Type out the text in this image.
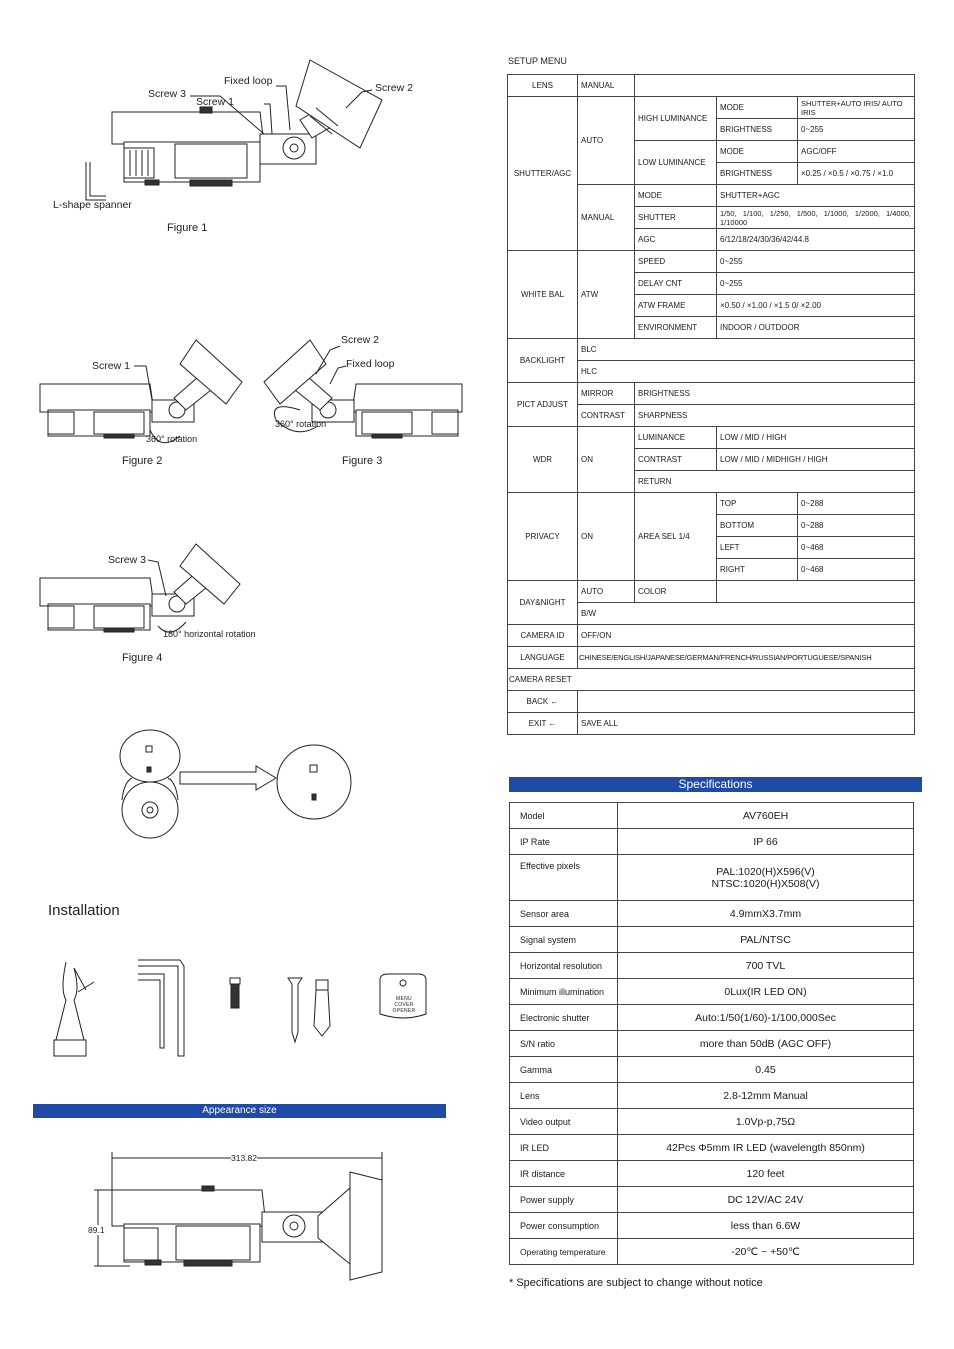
Fixed loop
Screw 3
Screw 1
Screw 2
L-shape spanner
Figure 1
Screw 1
360° rotation
Figure 2
Screw 2
Fixed loop
360° rotation
Figure 3
Screw 3
180° horizontal rotation
Figure 4
Installation
MENU COVER OPENER
Appearance size
313.82
89.1
SETUP MENU
LENS	MANUAL			
SHUTTER/AGC	AUTO	HIGH LUMINANCE	MODE	SHUTTER+AUTO IRIS/ AUTO IRIS
			BRIGHTNESS	0~255
		LOW LUMINANCE	MODE	AGC/OFF
			BRIGHTNESS	×0.25 / ×0.5 / ×0.75 / ×1.0
	MANUAL	MODE	SHUTTER+AGC	
		SHUTTER	1/50, 1/100, 1/250, 1/500, 1/1000, 1/2000, 1/4000, 1/10000	
		AGC	6/12/18/24/30/36/42/44.8	
WHITE BAL	ATW	SPEED	0~255	
		DELAY CNT	0~255	
		ATW FRAME	×0.50 / ×1.00 / ×1.5 0/ ×2.00	
		ENVIRONMENT	INDOOR / OUTDOOR	
BACKLIGHT	BLC			
	HLC			
PICT ADJUST	MIRROR	BRIGHTNESS		
	CONTRAST	SHARPNESS		
WDR	ON	LUMINANCE	LOW / MID / HIGH	
		CONTRAST	LOW / MID / MIDHIGH / HIGH	
		RETURN		
PRIVACY	ON	AREA SEL 1/4	TOP	0~288
			BOTTOM	0~288
			LEFT	0~468
			RIGHT	0~468
DAY&NIGHT	AUTO	COLOR		
	B/W			
CAMERA ID	OFF/ON			
LANGUAGE	CHINESE/ENGLISH/JAPANESE/GERMAN/FRENCH/RUSSIAN/PORTUGUESE/SPANISH			
CAMERA RESET				
BACK ←				
EXIT ←	SAVE ALL			
Specifications
Model	AV760EH
IP Rate	IP 66
Effective pixels	PAL:1020(H)X596(V)
NTSC:1020(H)X508(V)
Sensor area	4.9mmX3.7mm
Signal system	PAL/NTSC
Horizontal resolution	700 TVL
Minimum illumination	0Lux(IR LED ON)
Electronic shutter	Auto:1/50(1/60)-1/100,000Sec
S/N ratio	more than 50dB (AGC OFF)
Gamma	0.45
Lens	2.8-12mm Manual
Video output	1.0Vp-p,75Ω
IR LED	42Pcs Φ5mm IR LED (wavelength 850nm)
IR distance	120 feet
Power supply	DC 12V/AC 24V
Power consumption	less than 6.6W
Operating temperature	-20℃ ~ +50℃
* Specifications are subject to change without notice
